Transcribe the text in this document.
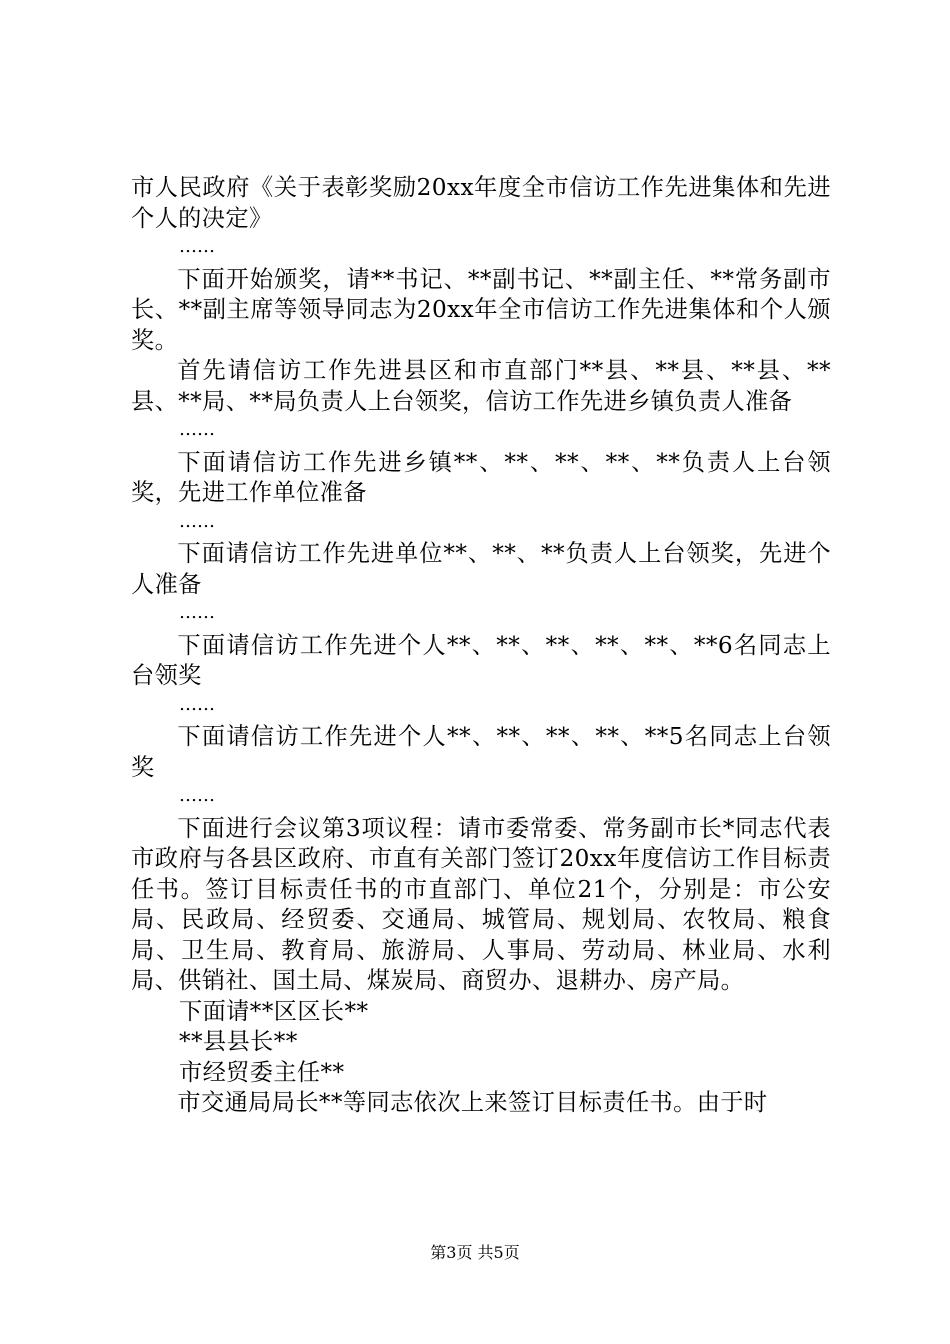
市人民政府《关于表彰奖励20xx年度全市信访工作先进集体和先进个人的决定》

……

下面开始颁奖，请**书记、**副书记、**副主任、**常务副市长、**副主席等领导同志为20xx年全市信访工作先进集体和个人颁奖。

首先请信访工作先进县区和市直部门**县、**县、**县、**县、**局、**局负责人上台领奖，信访工作先进乡镇负责人准备

……

下面请信访工作先进乡镇**、**、**、**、**负责人上台领奖，先进工作单位准备

……

下面请信访工作先进单位**、**、**负责人上台领奖，先进个人准备

……

下面请信访工作先进个人**、**、**、**、**、**6名同志上台领奖

……

下面请信访工作先进个人**、**、**、**、**5名同志上台领奖

……

下面进行会议第3项议程：请市委常委、常务副市长*同志代表市政府与各县区政府、市直有关部门签订20xx年度信访工作目标责任书。签订目标责任书的市直部门、单位21个，分别是：市公安局、民政局、经贸委、交通局、城管局、规划局、农牧局、粮食局、卫生局、教育局、旅游局、人事局、劳动局、林业局、水利局、供销社、国土局、煤炭局、商贸办、退耕办、房产局。

下面请**区区长**

**县县长**

市经贸委主任**

市交通局局长**等同志依次上来签订目标责任书。由于时

第3页 共5页
